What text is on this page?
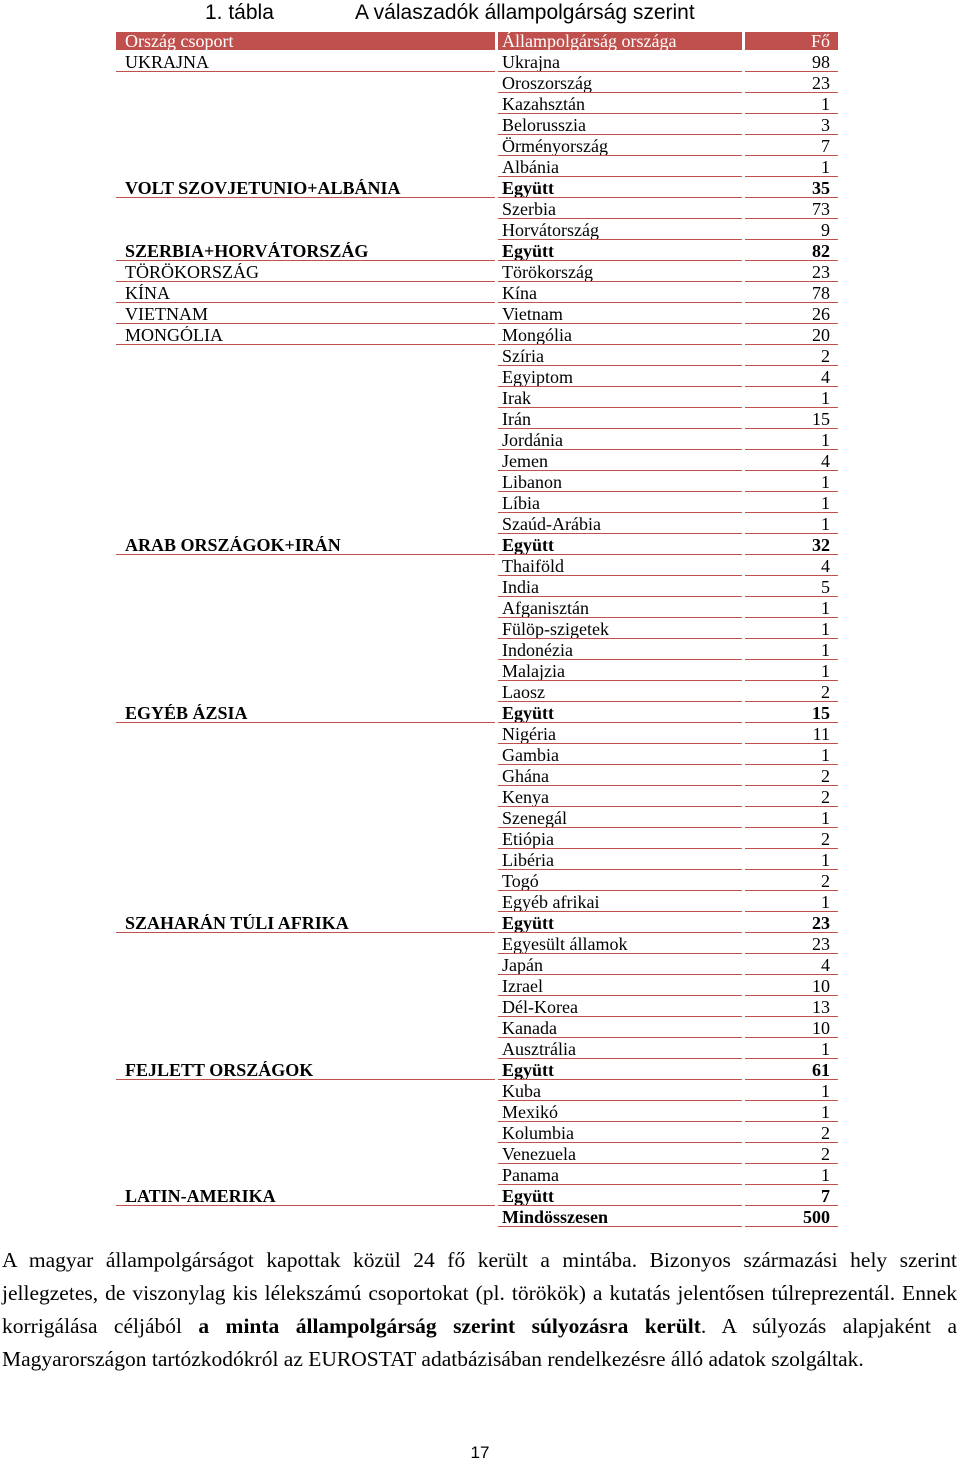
1. tábla	A válaszadók állampolgárság szerint
Ország csoport	Állampolgárság országa	Fő
UKRAJNA	Ukrajna	98
	Oroszország	23
	Kazahsztán	1
	Belorusszia	3
	Örményország	7
	Albánia	1
VOLT SZOVJETUNIO+ALBÁNIA	Együtt	35
	Szerbia	73
	Horvátország	9
SZERBIA+HORVÁTORSZÁG	Együtt	82
TÖRÖKORSZÁG	Törökország	23
KÍNA	Kína	78
VIETNAM	Vietnam	26
MONGÓLIA	Mongólia	20
	Szíria	2
	Egyiptom	4
	Irak	1
	Irán	15
	Jordánia	1
	Jemen	4
	Libanon	1
	Líbia	1
	Szaúd-Arábia	1
ARAB ORSZÁGOK+IRÁN	Együtt	32
	Thaiföld	4
	India	5
	Afganisztán	1
	Fülöp-szigetek	1
	Indonézia	1
	Malajzia	1
	Laosz	2
EGYÉB ÁZSIA	Együtt	15
	Nigéria	11
	Gambia	1
	Ghána	2
	Kenya	2
	Szenegál	1
	Etiópia	2
	Libéria	1
	Togó	2
	Egyéb afrikai	1
SZAHARÁN TÚLI AFRIKA	Együtt	23
	Egyesült államok	23
	Japán	4
	Izrael	10
	Dél-Korea	13
	Kanada	10
	Ausztrália	1
FEJLETT ORSZÁGOK	Együtt	61
	Kuba	1
	Mexikó	1
	Kolumbia	2
	Venezuela	2
	Panama	1
LATIN-AMERIKA	Együtt	7
	Mindösszesen	500
A magyar állampolgárságot kapottak közül 24 fő került a mintába. Bizonyos származási hely szerint jellegzetes, de viszonylag kis lélekszámú csoportokat (pl. törökök) a kutatás jelentősen túlreprezentál. Ennek korrigálása céljából a minta állampolgárság szerint súlyozásra került. A súlyozás alapjaként a Magyarországon tartózkodókról az EUROSTAT adatbázisában rendelkezésre álló adatok szolgáltak.
17
